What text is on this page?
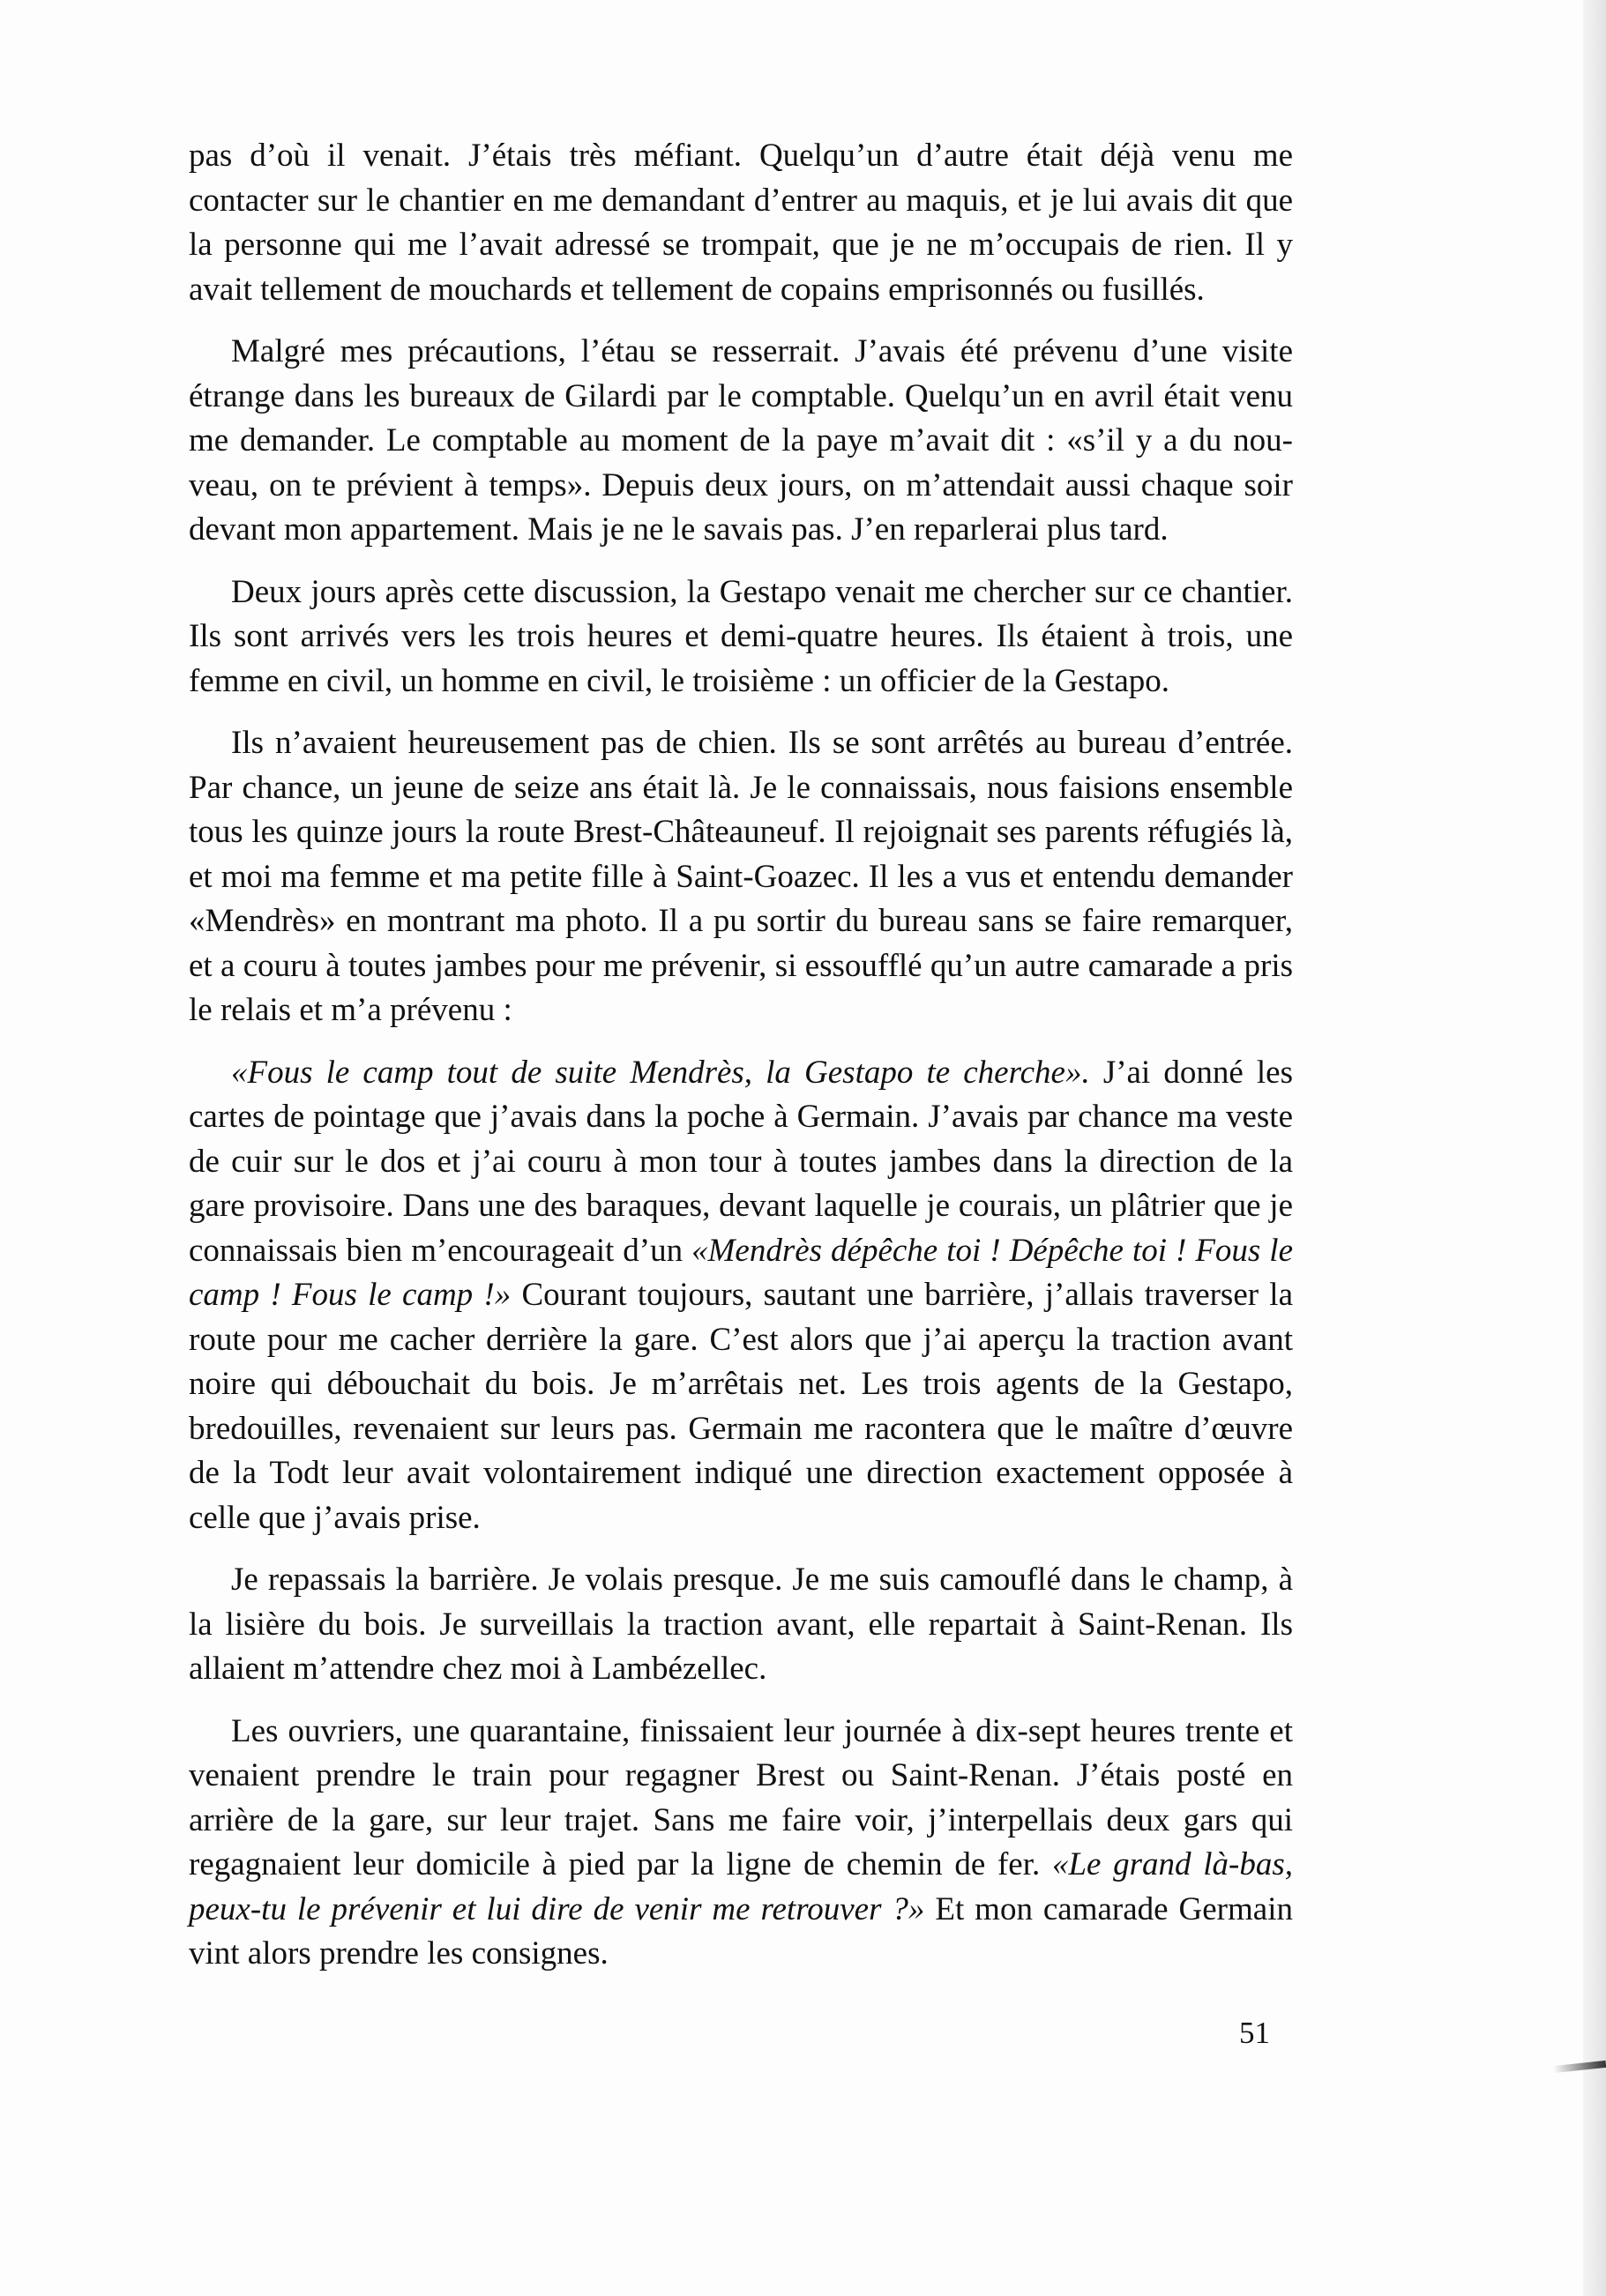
pas d’où il venait. J’étais très méfiant. Quelqu’un d’autre était déjà venu me contacter sur le chantier en me demandant d’entrer au maquis, et je lui avais dit que la personne qui me l’avait adressé se trompait, que je ne m’occupais de rien. Il y avait tellement de mouchards et tellement de copains emprisonnés ou fusillés.

Malgré mes précautions, l’étau se resserrait. J’avais été prévenu d’une visite étrange dans les bureaux de Gilardi par le comptable. Quelqu’un en avril était venu me demander. Le comptable au moment de la paye m’avait dit : «s’il y a du nouveau, on te prévient à temps». Depuis deux jours, on m’attendait aussi chaque soir devant mon appartement. Mais je ne le savais pas. J’en reparlerai plus tard.

Deux jours après cette discussion, la Gestapo venait me chercher sur ce chantier. Ils sont arrivés vers les trois heures et demi-quatre heures. Ils étaient à trois, une femme en civil, un homme en civil, le troisième : un officier de la Gestapo.

Ils n’avaient heureusement pas de chien. Ils se sont arrêtés au bureau d’entrée. Par chance, un jeune de seize ans était là. Je le connaissais, nous faisions ensemble tous les quinze jours la route Brest-Châteauneuf. Il rejoignait ses parents réfugiés là, et moi ma femme et ma petite fille à Saint-Goazec. Il les a vus et entendu demander «Mendrès» en montrant ma photo. Il a pu sortir du bureau sans se faire remarquer, et a couru à toutes jambes pour me prévenir, si essoufflé qu’un autre camarade a pris le relais et m’a prévenu :

«Fous le camp tout de suite Mendrès, la Gestapo te cherche». J’ai donné les cartes de pointage que j’avais dans la poche à Germain. J’avais par chance ma veste de cuir sur le dos et j’ai couru à mon tour à toutes jambes dans la direction de la gare provisoire. Dans une des baraques, devant laquelle je courais, un plâtrier que je connaissais bien m’encourageait d’un «Mendrès dépêche toi ! Dépêche toi ! Fous le camp ! Fous le camp !» Courant toujours, sautant une barrière, j’allais traverser la route pour me cacher derrière la gare. C’est alors que j’ai aperçu la traction avant noire qui débouchait du bois. Je m’arrêtais net. Les trois agents de la Gestapo, bredouilles, revenaient sur leurs pas. Germain me racontera que le maître d’œuvre de la Todt leur avait volontairement indiqué une direction exactement opposée à celle que j’avais prise.

Je repassais la barrière. Je volais presque. Je me suis camouflé dans le champ, à la lisière du bois. Je surveillais la traction avant, elle repartait à Saint-Renan. Ils allaient m’attendre chez moi à Lambézellec.

Les ouvriers, une quarantaine, finissaient leur journée à dix-sept heures trente et venaient prendre le train pour regagner Brest ou Saint-Renan. J’étais posté en arrière de la gare, sur leur trajet. Sans me faire voir, j’interpellais deux gars qui regagnaient leur domicile à pied par la ligne de chemin de fer. «Le grand là-bas, peux-tu le prévenir et lui dire de venir me retrouver ?» Et mon camarade Germain vint alors prendre les consignes.

51
